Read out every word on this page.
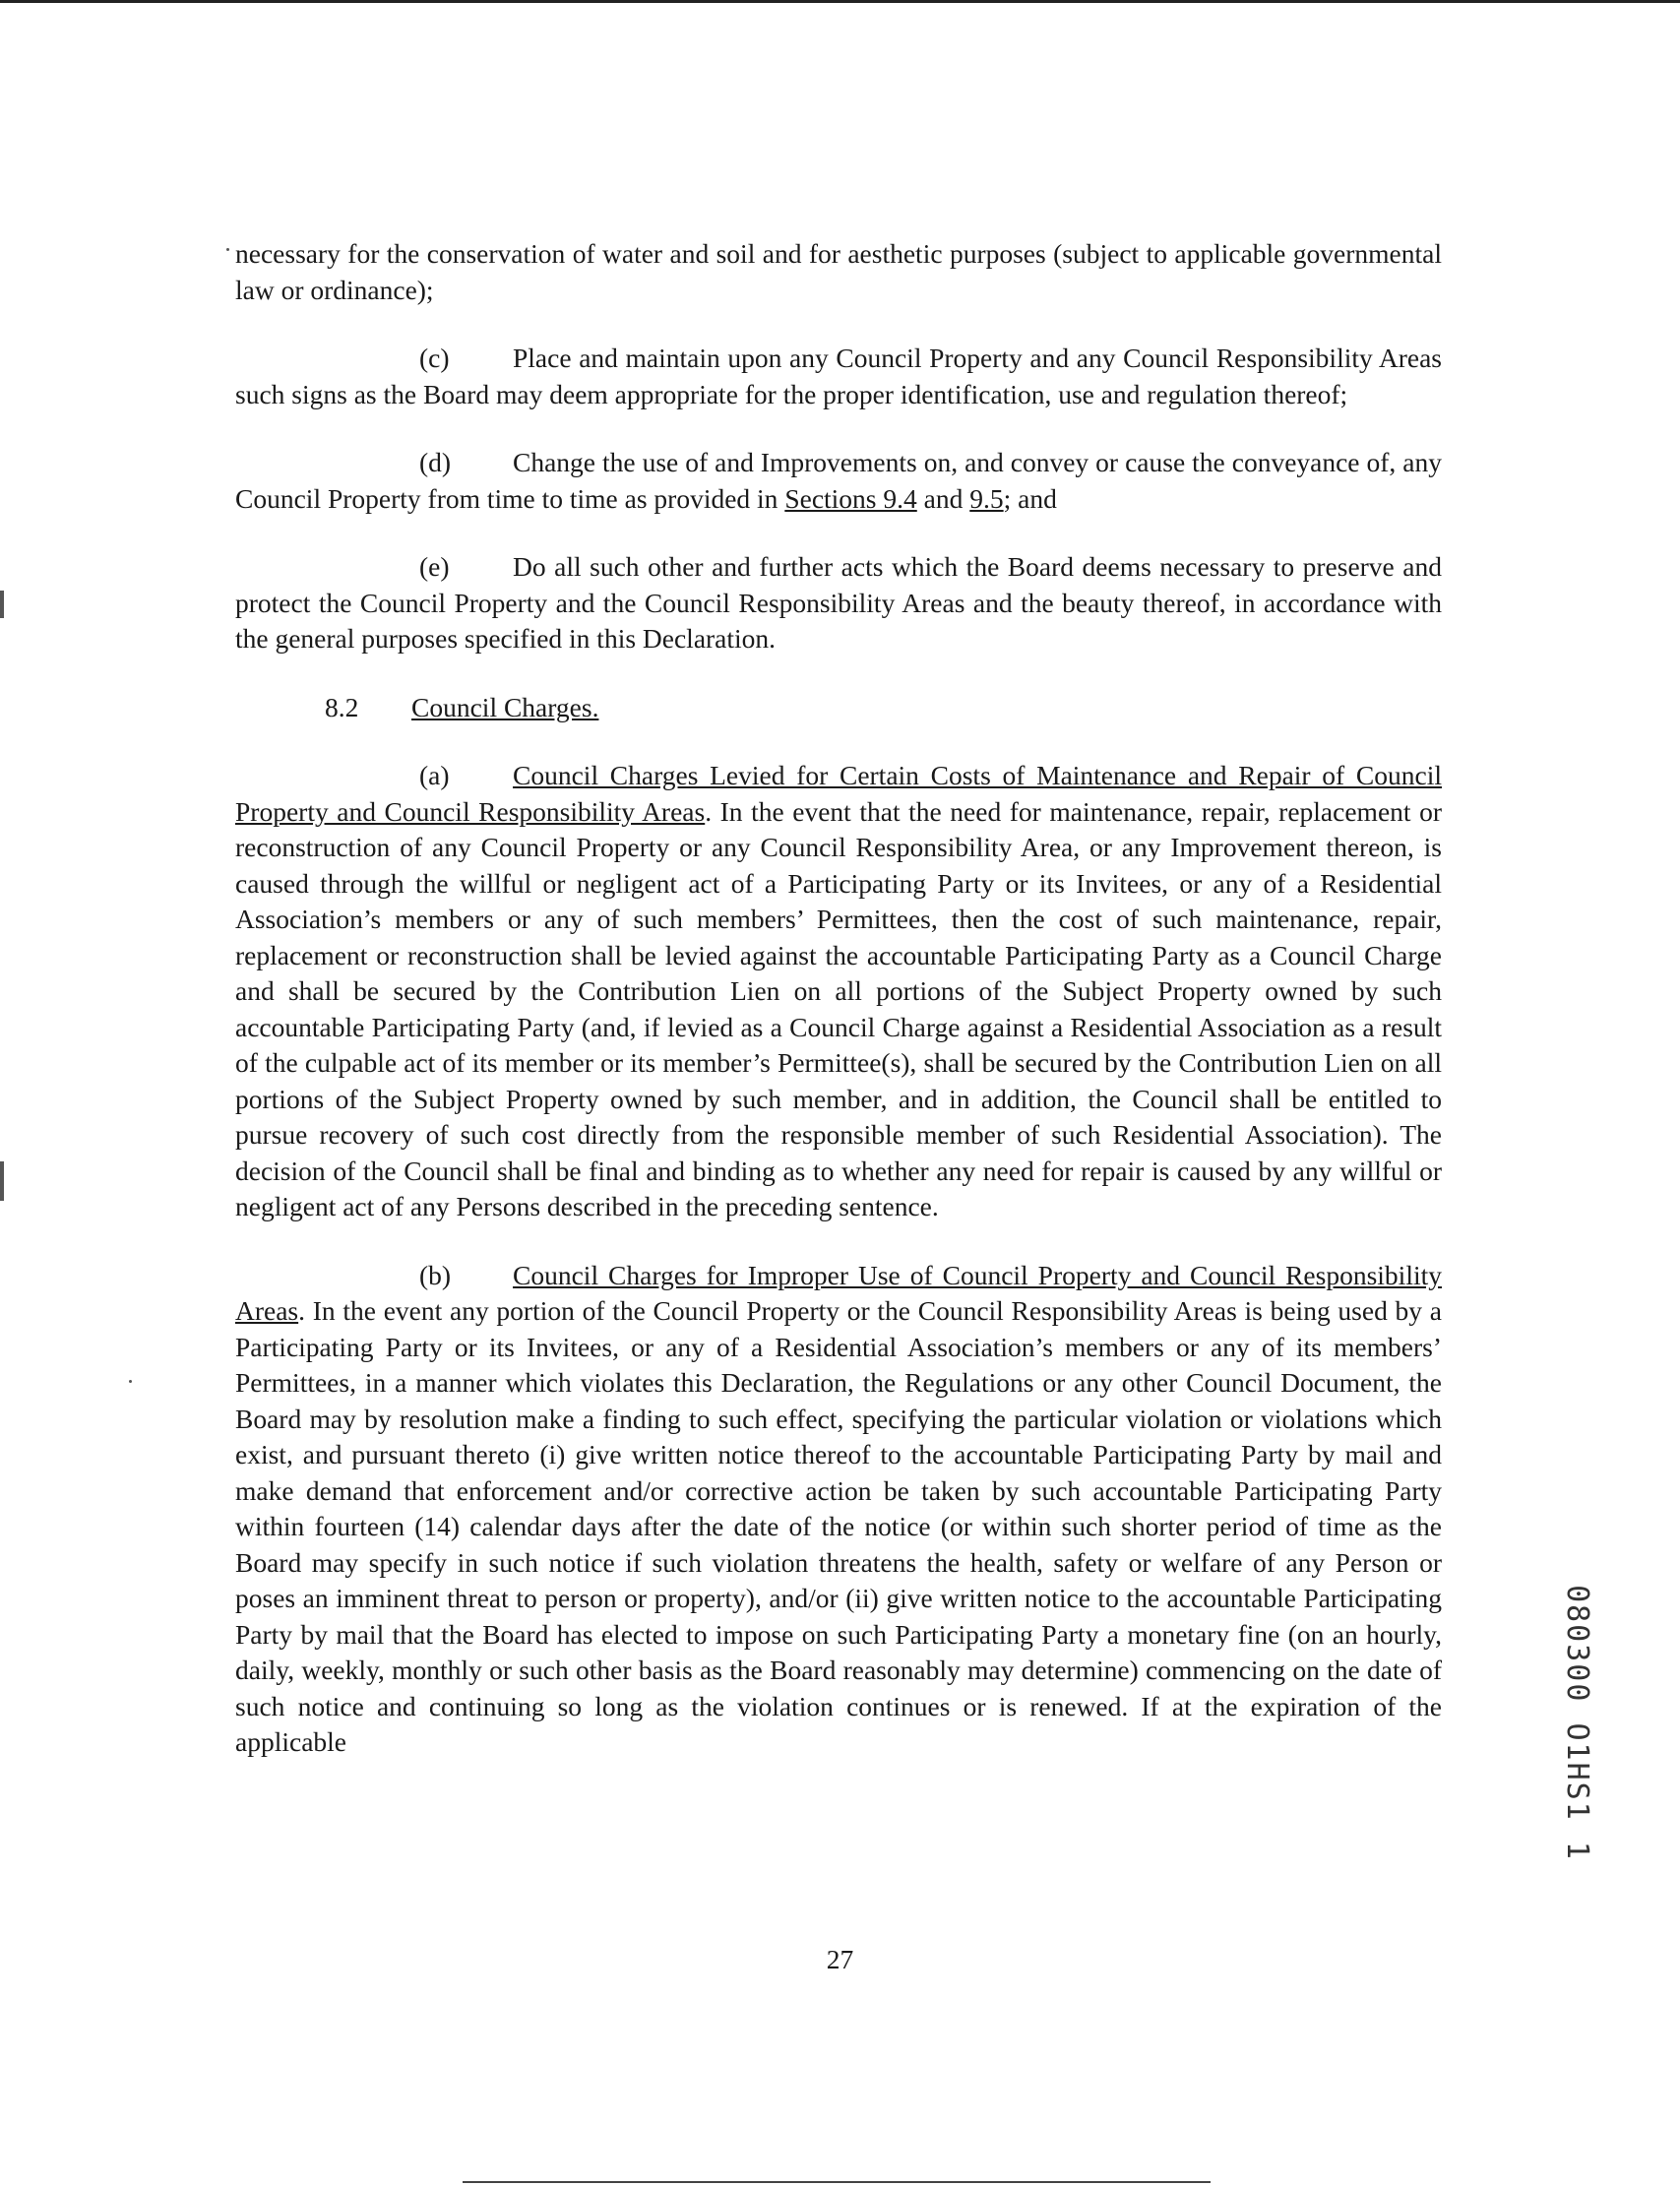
necessary for the conservation of water and soil and for aesthetic purposes (subject to applicable governmental law or ordinance);

(c) Place and maintain upon any Council Property and any Council Responsibility Areas such signs as the Board may deem appropriate for the proper identification, use and regulation thereof;

(d) Change the use of and Improvements on, and convey or cause the conveyance of, any Council Property from time to time as provided in Sections 9.4 and 9.5; and

(e) Do all such other and further acts which the Board deems necessary to preserve and protect the Council Property and the Council Responsibility Areas and the beauty thereof, in accordance with the general purposes specified in this Declaration.

8.2 Council Charges.

(a) Council Charges Levied for Certain Costs of Maintenance and Repair of Council Property and Council Responsibility Areas. In the event that the need for maintenance, repair, replacement or reconstruction of any Council Property or any Council Responsibility Area, or any Improvement thereon, is caused through the willful or negligent act of a Participating Party or its Invitees, or any of a Residential Association’s members or any of such members’ Permittees, then the cost of such maintenance, repair, replacement or reconstruction shall be levied against the accountable Participating Party as a Council Charge and shall be secured by the Contribution Lien on all portions of the Subject Property owned by such accountable Participating Party (and, if levied as a Council Charge against a Residential Association as a result of the culpable act of its member or its member’s Permittee(s), shall be secured by the Contribution Lien on all portions of the Subject Property owned by such member, and in addition, the Council shall be entitled to pursue recovery of such cost directly from the responsible member of such Residential Association). The decision of the Council shall be final and binding as to whether any need for repair is caused by any willful or negligent act of any Persons described in the preceding sentence.

(b) Council Charges for Improper Use of Council Property and Council Responsibility Areas. In the event any portion of the Council Property or the Council Responsibility Areas is being used by a Participating Party or its Invitees, or any of a Residential Association’s members or any of its members’ Permittees, in a manner which violates this Declaration, the Regulations or any other Council Document, the Board may by resolution make a finding to such effect, specifying the particular violation or violations which exist, and pursuant thereto (i) give written notice thereof to the accountable Participating Party by mail and make demand that enforcement and/or corrective action be taken by such accountable Participating Party within fourteen (14) calendar days after the date of the notice (or within such shorter period of time as the Board may specify in such notice if such violation threatens the health, safety or welfare of any Person or poses an imminent threat to person or property), and/or (ii) give written notice to the accountable Participating Party by mail that the Board has elected to impose on such Participating Party a monetary fine (on an hourly, daily, weekly, monthly or such other basis as the Board reasonably may determine) commencing on the date of such notice and continuing so long as the violation continues or is renewed. If at the expiration of the applicable

27
080300 O1HS1 1
